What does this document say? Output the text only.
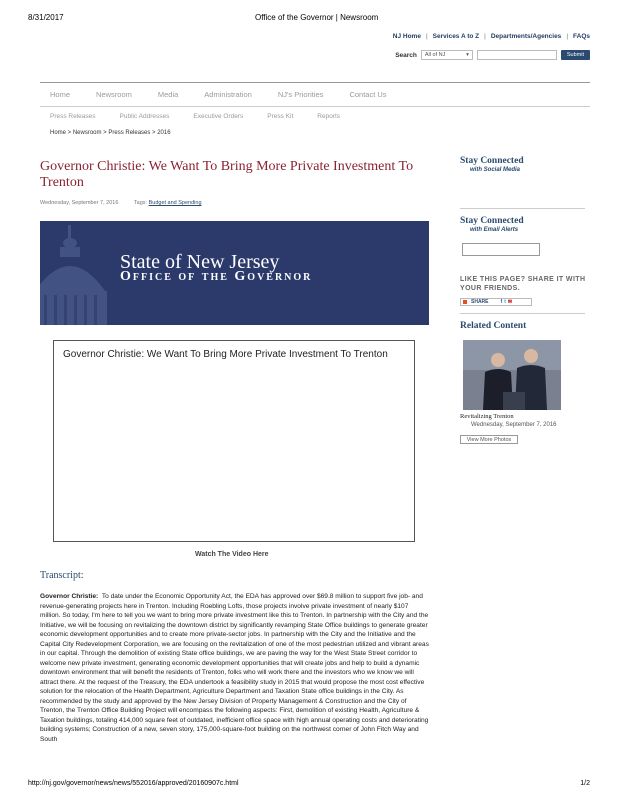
8/31/2017	Office of the Governor | Newsroom
NJ Home | Services A to Z | Departments/Agencies | FAQs
Search All of NJ	▾	Submit
Home	Newsroom	Media	Administration	NJ's Priorities	Contact Us
Press Releases	Public Addresses	Executive Orders	Press Kit	Reports
Home > Newsroom > Press Releases > 2016
Governor Christie: We Want To Bring More Private Investment To Trenton
Wednesday, September 7, 2016	Tags: Budget and Spending
State of New Jersey
Office of the Governor
Governor Christie: We Want To Bring More Private Investment To Trenton
Watch The Video Here
Transcript:
Governor Christie: To date under the Economic Opportunity Act, the EDA has approved over $69.8 million to support five job- and revenue-generating projects here in Trenton. Including Roebling Lofts, those projects involve private investment of nearly $107 million. So today, I'm here to tell you we want to bring more private investment like this to Trenton. In partnership with the City and the Initiative, we will be focusing on revitalizing the downtown district by significantly revamping State Office buildings to generate greater economic development opportunities and to create more private-sector jobs. In partnership with the City and the Initiative and the Capital City Redevelopment Corporation, we are focusing on the revitalization of one of the most pedestrian utilized and vibrant areas in our capital. Through the demolition of existing State office buildings, we are paving the way for the West State Street corridor to welcome new private investment, generating economic development opportunities that will create jobs and help to build a dynamic downtown environment that will benefit the residents of Trenton, folks who will work there and the investors who we know we will attract there. At the request of the Treasury, the EDA undertook a feasibility study in 2015 that would propose the most cost effective solution for the relocation of the Health Department, Agriculture Department and Taxation State office buildings in the City. As recommended by the study and approved by the New Jersey Division of Property Management & Construction and the City of Trenton, the Trenton Office Building Project will encompass the following aspects: First, demolition of existing Health, Agriculture & Taxation buildings, totaling 414,000 square feet of outdated, inefficient office space with high annual operating costs and deteriorating building systems; Construction of a new, seven story, 175,000-square-foot building on the northwest corner of John Fitch Way and South
Stay Connected
with Social Media
Stay Connected
with Email Alerts
LIKE THIS PAGE? SHARE IT WITH YOUR FRIENDS.
SHARE f t ✉
Related Content
Revitalizing Trenton
Wednesday, September 7, 2016
View More Photos
http://nj.gov/governor/news/news/552016/approved/20160907c.html	1/2
